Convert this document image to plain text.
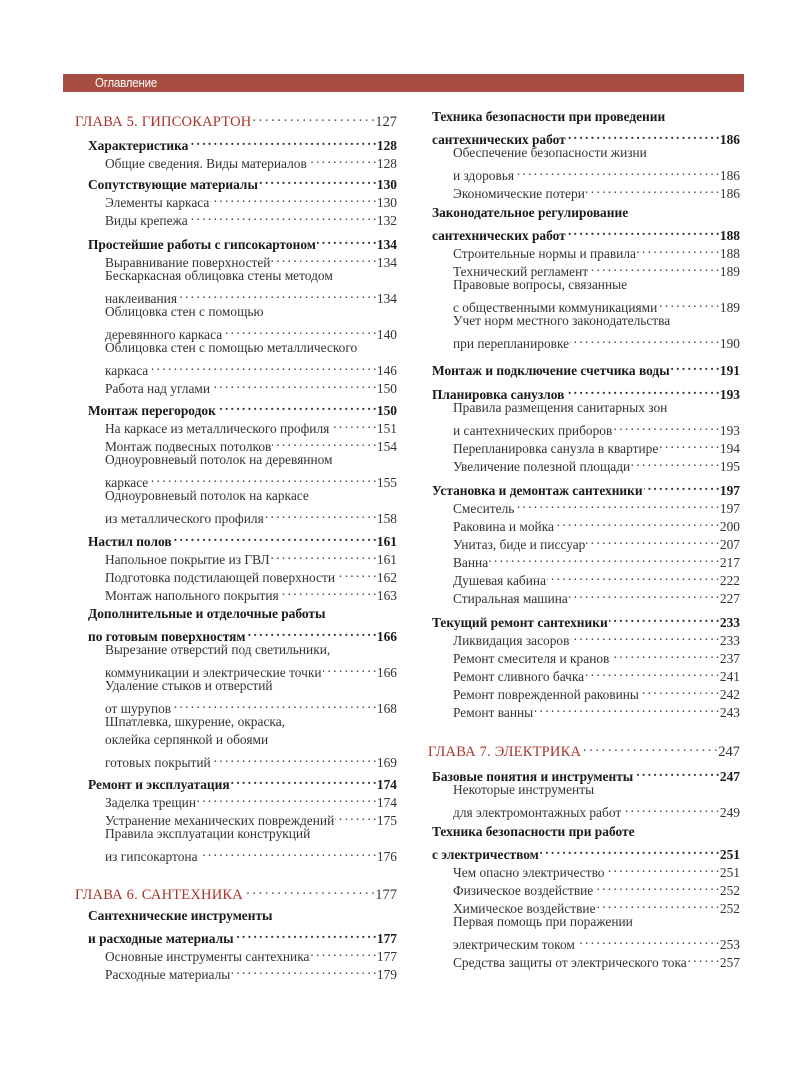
Оглавление
ГЛАВА 5. ГИПСОКАРТОН . . .	127
Характеристика . . .	128
Общие сведения. Виды материалов . . .	128
Сопутствующие материалы . . .	130
Элементы каркаса . . .	130
Виды крепежа . . .	132
Простейшие работы с гипсокартоном . . .	134
Выравнивание поверхностей . . .	134
Бескаркасная облицовка стены методом
наклеивания . . .	134
Облицовка стен с помощью
деревянного каркаса . . .	140
Облицовка стен с помощью металлического
каркаса . . .	146
Работа над углами . . .	150
Монтаж перегородок . . .	150
На каркасе из металлического профиля . . .	151
Монтаж подвесных потолков . . .	154
Одноуровневый потолок на деревянном
каркасе . . .	155
Одноуровневый потолок на каркасе
из металлического профиля . . .	158
Настил полов . . .	161
Напольное покрытие из ГВЛ . . .	161
Подготовка подстилающей поверхности . . .	162
Монтаж напольного покрытия . . .	163
Дополнительные и отделочные работы
по готовым поверхностям . . .	166
Вырезание отверстий под светильники,
коммуникации и электрические точки . . .	166
Удаление стыков и отверстий
от шурупов . . .	168
Шпатлевка, шкурение, окраска,
оклейка серпянкой и обоями
готовых покрытий . . .	169
Ремонт и эксплуатация . . .	174
Заделка трещин . . .	174
Устранение механических повреждений . . .	175
Правила эксплуатации конструкций
из гипсокартона . . .	176
ГЛАВА 6. САНТЕХНИКА . . .	177
Сантехнические инструменты
и расходные материалы . . .	177
Основные инструменты сантехника . . .	177
Расходные материалы . . .	179
Техника безопасности при проведении
сантехнических работ . . .	186
Обеспечение безопасности жизни
и здоровья . . .	186
Экономические потери . . .	186
Законодательное регулирование
сантехнических работ . . .	188
Строительные нормы и правила . . .	188
Технический регламент . . .	189
Правовые вопросы, связанные
с общественными коммуникациями . . .	189
Учет норм местного законодательства
при перепланировке . . .	190
Монтаж и подключение счетчика воды . . .	191
Планировка санузлов . . .	193
Правила размещения санитарных зон
и сантехнических приборов . . .	193
Перепланировка санузла в квартире . . .	194
Увеличение полезной площади . . .	195
Установка и демонтаж сантехники . . .	197
Смеситель . . .	197
Раковина и мойка . . .	200
Унитаз, биде и писсуар . . .	207
Ванна . . .	217
Душевая кабина . . .	222
Стиральная машина . . .	227
Текущий ремонт сантехники . . .	233
Ликвидация засоров . . .	233
Ремонт смесителя и кранов . . .	237
Ремонт сливного бачка . . .	241
Ремонт поврежденной раковины . . .	242
Ремонт ванны . . .	243
ГЛАВА 7. ЭЛЕКТРИКА . . .	247
Базовые понятия и инструменты . . .	247
Некоторые инструменты
для электромонтажных работ . . .	249
Техника безопасности при работе
с электричеством . . .	251
Чем опасно электричество . . .	251
Физическое воздействие . . .	252
Химическое воздействие . . .	252
Первая помощь при поражении
электрическим током . . .	253
Средства защиты от электрического тока . . . 257
